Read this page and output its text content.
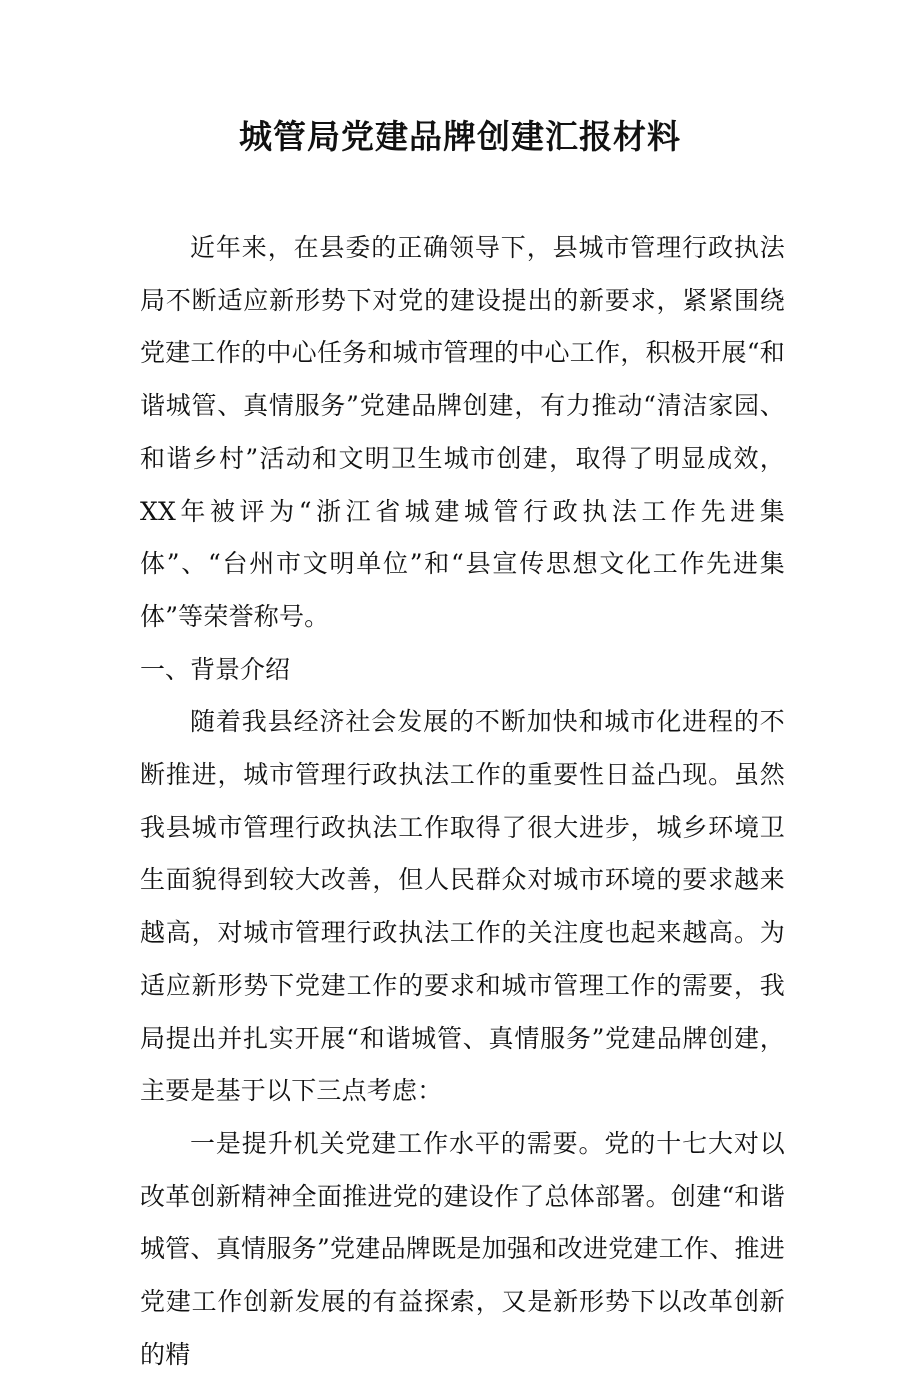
城管局党建品牌创建汇报材料

近年来，在县委的正确领导下，县城市管理行政执法局不断适应新形势下对党的建设提出的新要求，紧紧围绕党建工作的中心任务和城市管理的中心工作，积极开展“和谐城管、真情服务”党建品牌创建，有力推动“清洁家园、和谐乡村”活动和文明卫生城市创建，取得了明显成效，XX年被评为“浙江省城建城管行政执法工作先进集体”、“台州市文明单位”和“县宣传思想文化工作先进集体”等荣誉称号。

一、背景介绍

随着我县经济社会发展的不断加快和城市化进程的不断推进，城市管理行政执法工作的重要性日益凸现。虽然我县城市管理行政执法工作取得了很大进步，城乡环境卫生面貌得到较大改善，但人民群众对城市环境的要求越来越高，对城市管理行政执法工作的关注度也起来越高。为适应新形势下党建工作的要求和城市管理工作的需要，我局提出并扎实开展“和谐城管、真情服务”党建品牌创建，主要是基于以下三点考虑：

一是提升机关党建工作水平的需要。党的十七大对以改革创新精神全面推进党的建设作了总体部署。创建“和谐城管、真情服务”党建品牌既是加强和改进党建工作、推进党建工作创新发展的有益探索，又是新形势下以改革创新的精
